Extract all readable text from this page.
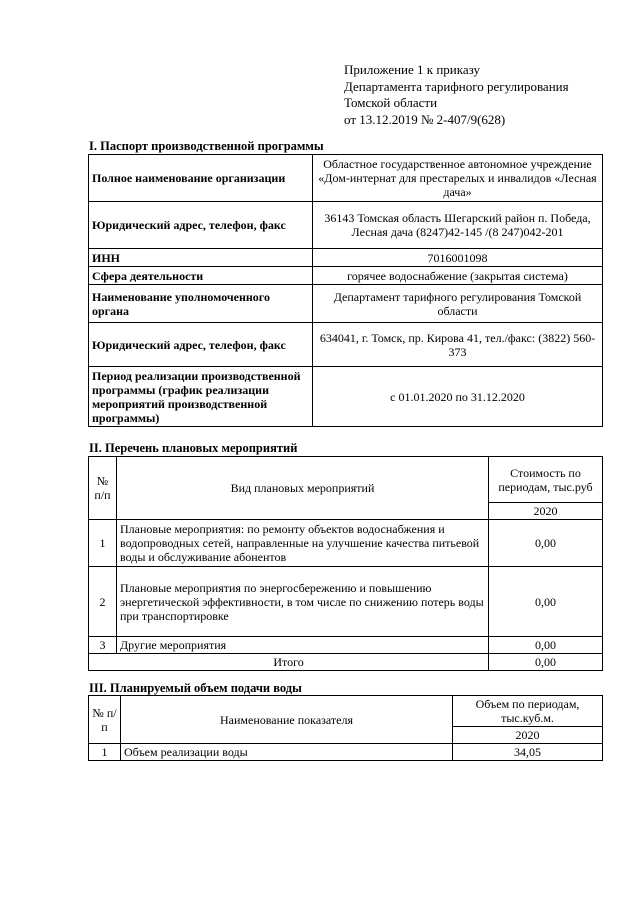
Приложение 1 к приказу
Департамента тарифного регулирования
Томской области
от 13.12.2019 № 2-407/9(628)
I. Паспорт производственной программы
Полное наименование организации	Областное государственное автономное учреждение «Дом-интернат для престарелых и инвалидов «Лесная дача»
Юридический адрес, телефон, факс	36143 Томская область Шегарский район п. Победа, Лесная дача (8247)42-145 /(8 247)042-201
ИНН	7016001098
Сфера деятельности	горячее водоснабжение (закрытая система)
Наименование уполномоченного органа	Департамент тарифного регулирования Томской области
Юридический адрес, телефон, факс	634041, г. Томск, пр. Кирова 41, тел./факс: (3822) 560-373
Период реализации производственной программы (график реализации мероприятий производственной программы)	с 01.01.2020 по 31.12.2020
II. Перечень плановых мероприятий
№ п/п	Вид плановых мероприятий	Стоимость по периодам, тыс.руб
		2020
1	Плановые мероприятия: по ремонту объектов водоснабжения и водопроводных сетей, направленные на улучшение качества питьевой воды и обслуживание абонентов	0,00
2	Плановые мероприятия по энергосбережению и повышению энергетической эффективности, в том числе по снижению потерь воды при транспортировке	0,00
3	Другие мероприятия	0,00
Итого		0,00
III. Планируемый объем подачи воды
№ п/п	Наименование показателя	Объем по периодам, тыс.куб.м.
		2020
1	Объем реализации воды	34,05
